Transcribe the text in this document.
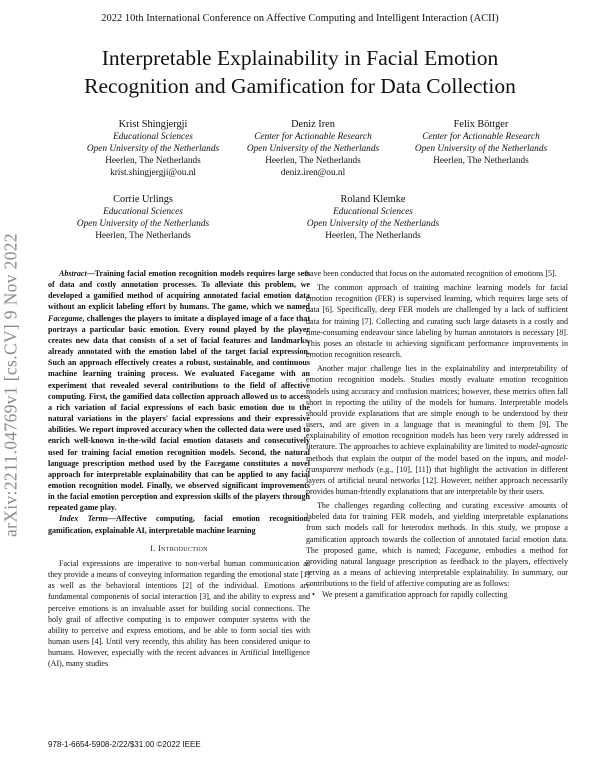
2022 10th International Conference on Affective Computing and Intelligent Interaction (ACII)
Interpretable Explainability in Facial Emotion
Recognition and Gamification for Data Collection
Krist Shingjergji
Educational Sciences
Open University of the Netherlands
Heerlen, The Netherlands
krist.shingjergji@ou.nl
Deniz Iren
Center for Actionable Research
Open University of the Netherlands
Heerlen, The Netherlands
deniz.iren@ou.nl
Felix Böttger
Center for Actionable Research
Open University of the Netherlands
Heerlen, The Netherlands
Corrie Urlings
Educational Sciences
Open University of the Netherlands
Heerlen, The Netherlands
Roland Klemke
Educational Sciences
Open University of the Netherlands
Heerlen, The Netherlands
arXiv:2211.04769v1 [cs.CV] 9 Nov 2022	Abstract—Training facial emotion recognition models requires large sets of data and costly annotation processes. To alleviate this problem, we developed a gamified method of acquiring annotated facial emotion data without an explicit labeling effort by humans. The game, which we named Facegame, challenges the players to imitate a displayed image of a face that portrays a particular basic emotion. Every round played by the player creates new data that consists of a set of facial features and landmarks, already annotated with the emotion label of the target facial expression. Such an approach effectively creates a robust, sustainable, and continuous machine learning training process. We evaluated Facegame with an experiment that revealed several contributions to the field of affective computing. First, the gamified data collection approach allowed us to access a rich variation of facial expressions of each basic emotion due to the natural variations in the players' facial expressions and their expressive abilities. We report improved accuracy when the collected data were used to enrich well-known in-the-wild facial emotion datasets and consecutively used for training facial emotion recognition models. Second, the natural language prescription method used by the Facegame constitutes a novel approach for interpretable explainability that can be applied to any facial emotion recognition model. Finally, we observed significant improvements in the facial emotion perception and expression skills of the players through repeated game play.

Index Terms—Affective computing, facial emotion recognition, gamification, explainable AI, interpretable machine learning

I. Introduction

Facial expressions are imperative to non-verbal human communication as they provide a means of conveying information regarding the emotional state [1] as well as the behavioral intentions [2] of the individual. Emotions are fundamental components of social interaction [3], and the ability to express and perceive emotions is an invaluable asset for building social connections. The holy grail of affective computing is to empower computer systems with the ability to perceive and express emotions, and be able to form social ties with human users [4]. Until very recently, this ability has been considered unique to humans. However, especially with the recent advances in Artificial Intelligence (AI), many studies

have been conducted that focus on the automated recognition of emotions [5].

The common approach of training machine learning models for facial emotion recognition (FER) is supervised learning, which requires large sets of data [6]. Specifically, deep FER models are challenged by a lack of sufficient data for training [7]. Collecting and curating such large datasets is a costly and time-consuming endeavour since labeling by human annotators is necessary [8]. This poses an obstacle to achieving significant performance improvements in emotion recognition research.

Another major challenge lies in the explainability and interpretability of emotion recognition models. Studies mostly evaluate emotion recognition models using accuracy and confusion matrices; however, these metrics often fall short in reporting the utility of the models for humans. Interpretable models should provide explanations that are simple enough to be understood by their users, and are given in a language that is meaningful to them [9]. The explainability of emotion recognition models has been very rarely addressed in literature. The approaches to achieve explainability are limited to model-agnostic methods that explain the output of the model based on the inputs, and model-transparent methods (e.g., [10], [11]) that highlight the activation in different layers of artificial neural networks [12]. However, neither approach necessarily provides human-friendly explanations that are interpretable by their users.

The challenges regarding collecting and curating excessive amounts of labeled data for training FER models, and yielding interpretable explanations from such models call for heterodox methods. In this study, we propose a gamification approach towards the collection of annotated facial emotion data. The proposed game, which is named; Facegame, embodies a method for providing natural language prescription as feedback to the players, effectively serving as a means of achieving interpretable explainability. In summary, our contributions to the field of affective computing are as follows:

• We present a gamification approach for rapidly collecting
978-1-6654-5908-2/22/$31.00 ©2022 IEEE
